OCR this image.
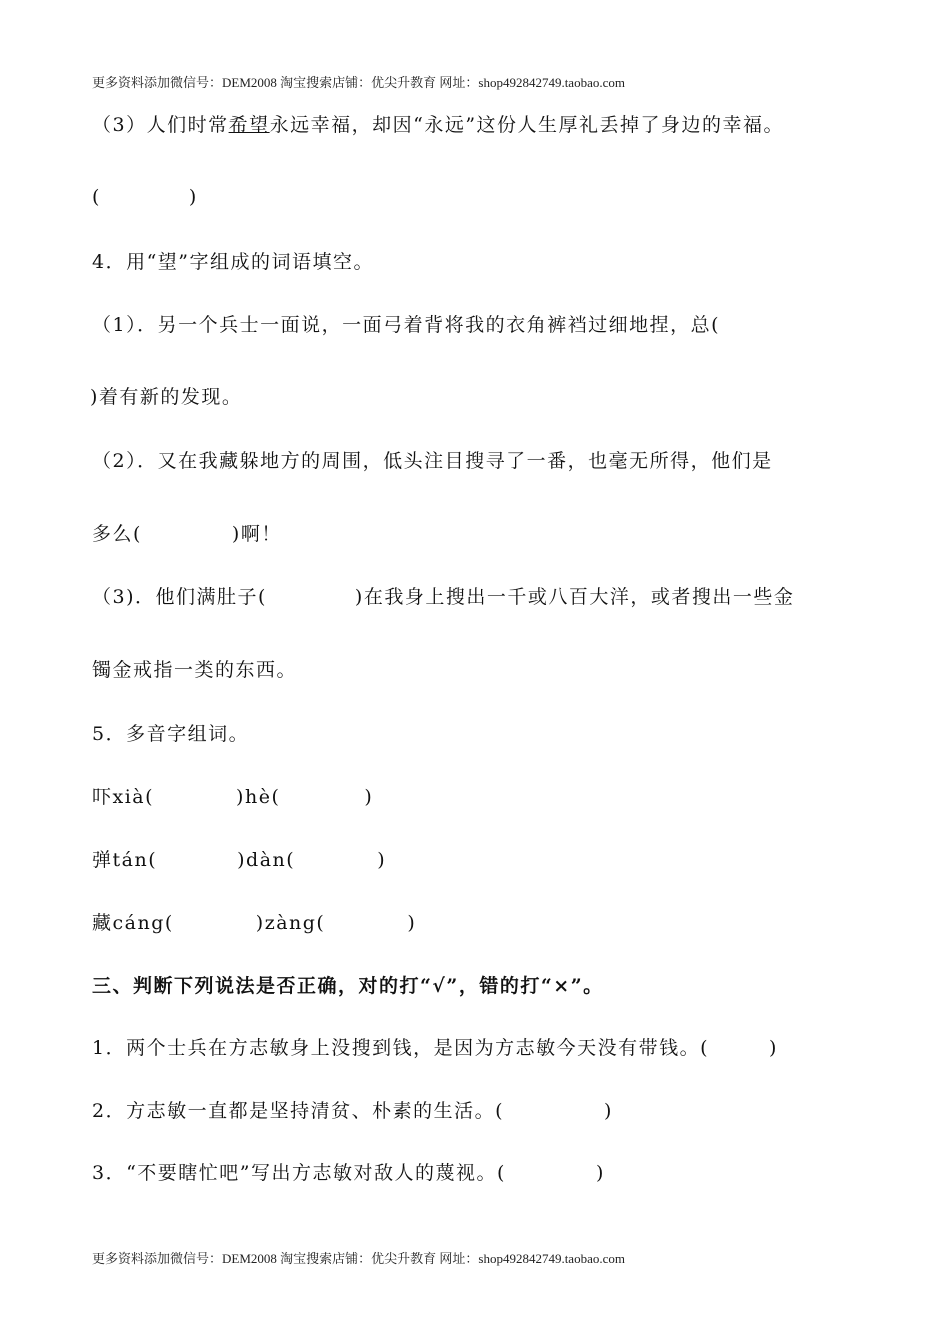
更多资料添加微信号：DEM2008 淘宝搜索店铺：优尖升教育 网址：shop492842749.taobao.com
（3）人们时常希望永远幸福，却因“永远”这份人生厚礼丢掉了身边的幸福。
(	)
4．用“望”字组成的词语填空。
（1）．另一个兵士一面说，一面弓着背将我的衣角裤裆过细地捏，总(
)着有新的发现。
（2）．又在我藏躲地方的周围，低头注目搜寻了一番，也毫无所得，他们是
多么(	)啊！
（3)．他们满肚子(	)在我身上搜出一千或八百大洋，或者搜出一些金
镯金戒指一类的东西。
5．多音字组词。
吓xià(	)hè(	)
弹tán(	)dàn(	)
藏cáng(	)zàng(	)
三、判断下列说法是否正确，对的打“√”，错的打“×”。
1．两个士兵在方志敏身上没搜到钱，是因为方志敏今天没有带钱。(	)
2．方志敏一直都是坚持清贫、朴素的生活。(	)
3．“不要瞎忙吧”写出方志敏对敌人的蔑视。(	)
更多资料添加微信号：DEM2008 淘宝搜索店铺：优尖升教育 网址：shop492842749.taobao.com
